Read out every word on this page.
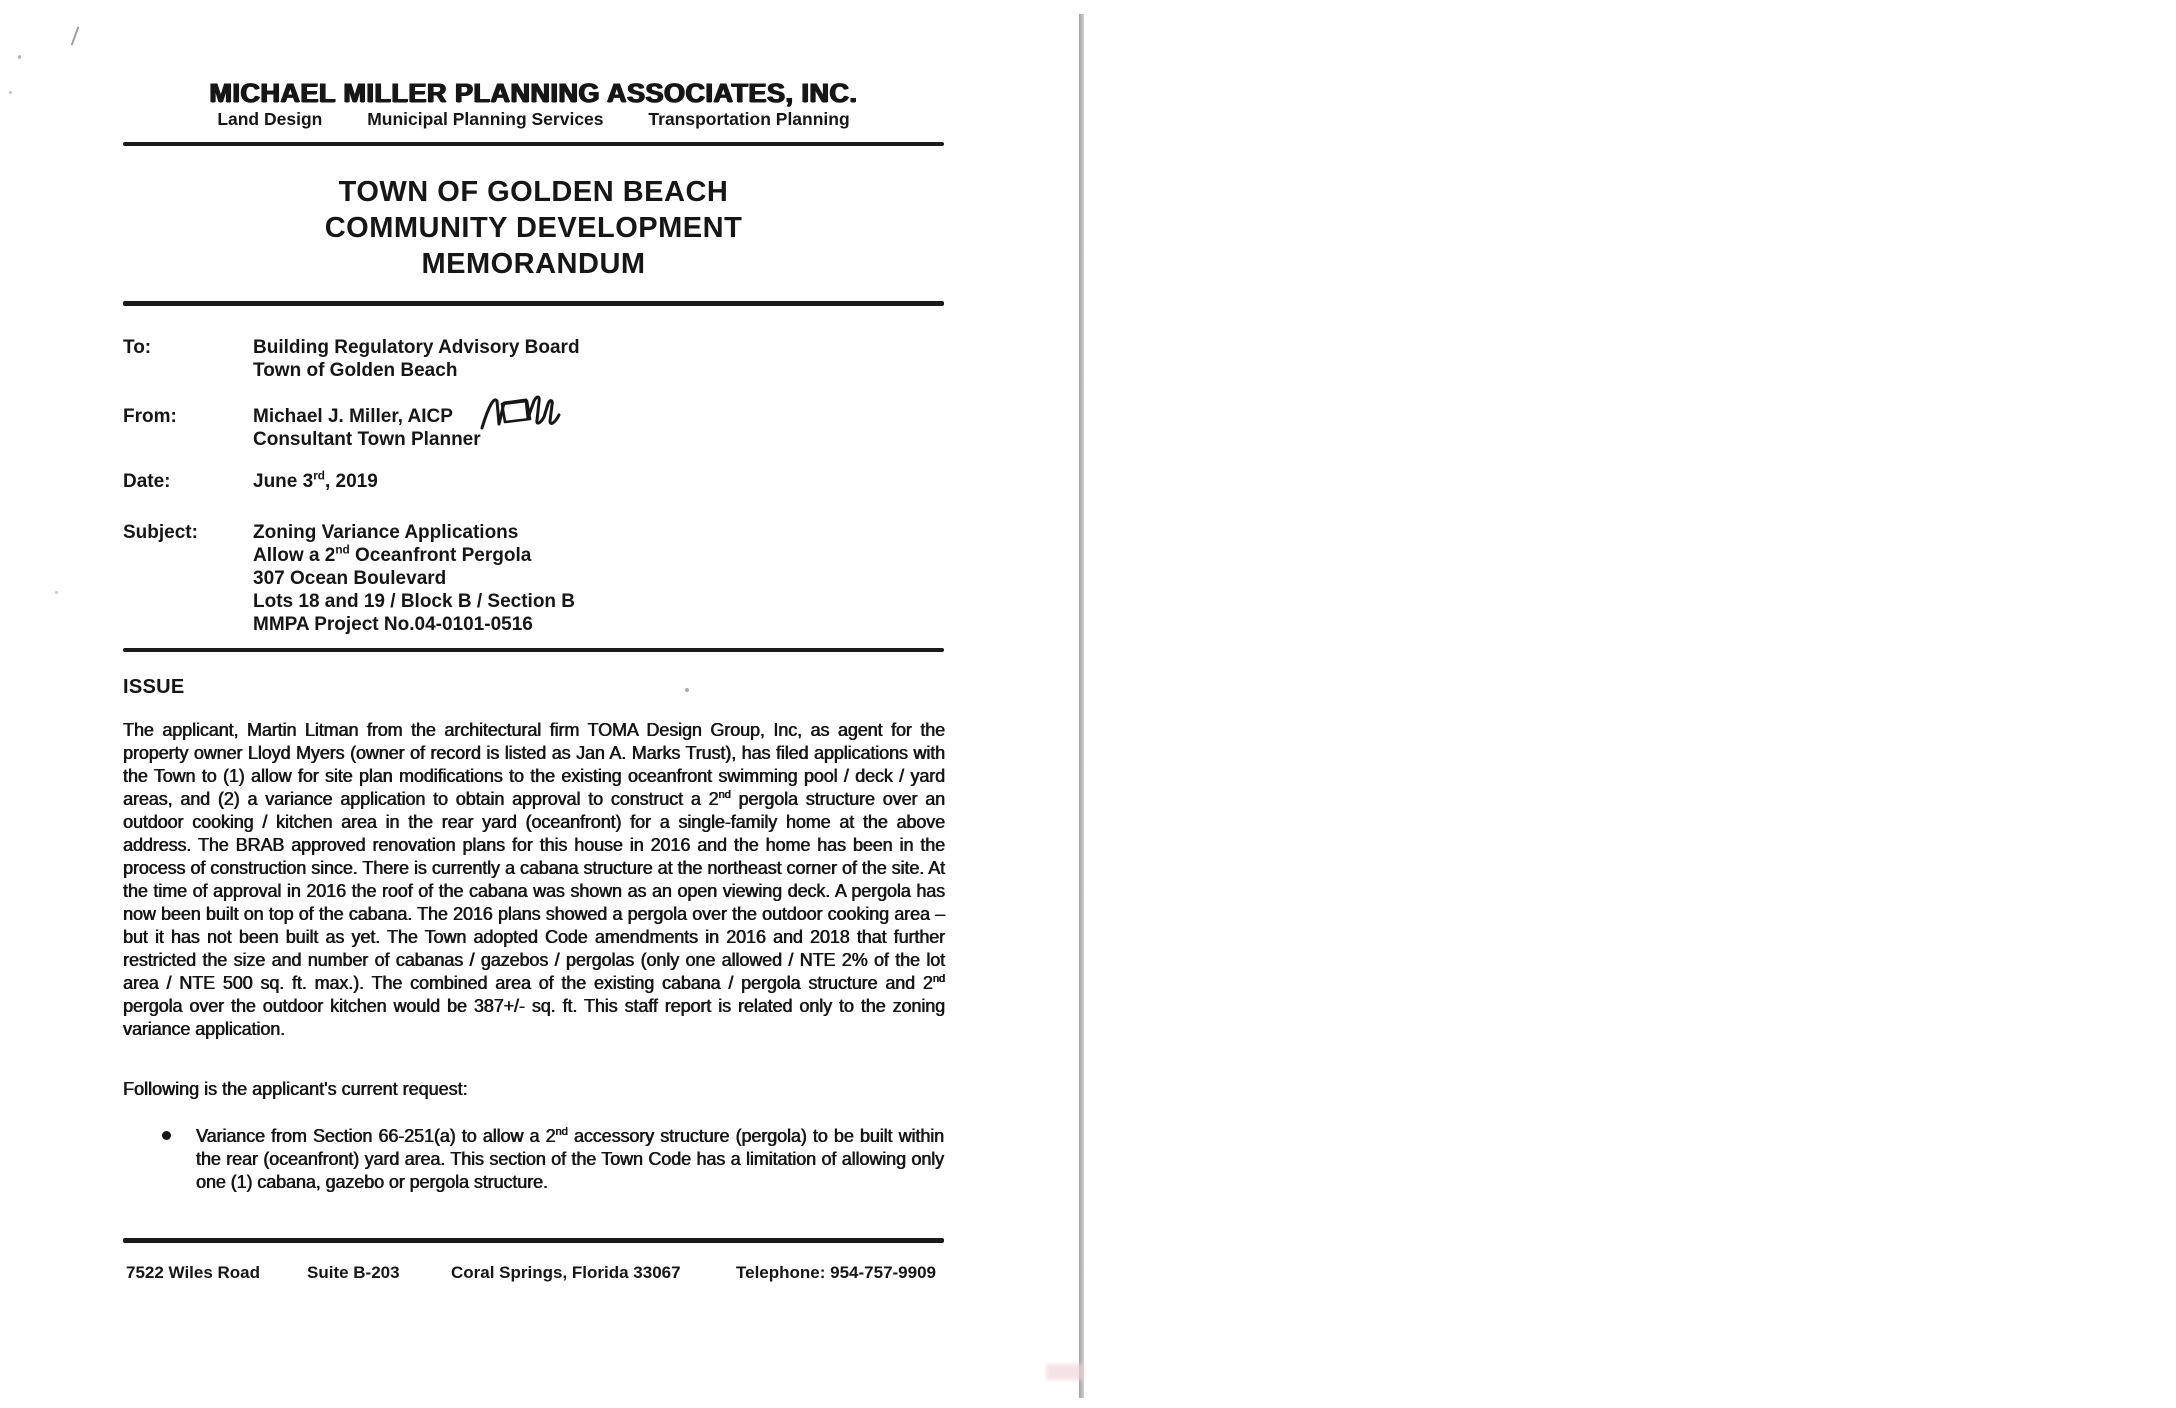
MICHAEL MILLER PLANNING ASSOCIATES, INC.
Land Design	Municipal Planning Services	Transportation Planning
TOWN OF GOLDEN BEACH
COMMUNITY DEVELOPMENT
MEMORANDUM
To:	Building Regulatory Advisory Board
Town of Golden Beach
From:	Michael J. Miller, AICP
Consultant Town Planner
Date:	June 3rd, 2019
Subject:	Zoning Variance Applications
Allow a 2nd Oceanfront Pergola
307 Ocean Boulevard
Lots 18 and 19 / Block B / Section B
MMPA Project No.04-0101-0516
ISSUE
The applicant, Martin Litman from the architectural firm TOMA Design Group, Inc, as agent for the property owner Lloyd Myers (owner of record is listed as Jan A. Marks Trust), has filed applications with the Town to (1) allow for site plan modifications to the existing oceanfront swimming pool / deck / yard areas, and (2) a variance application to obtain approval to construct a 2nd pergola structure over an outdoor cooking / kitchen area in the rear yard (oceanfront) for a single-family home at the above address. The BRAB approved renovation plans for this house in 2016 and the home has been in the process of construction since. There is currently a cabana structure at the northeast corner of the site. At the time of approval in 2016 the roof of the cabana was shown as an open viewing deck. A pergola has now been built on top of the cabana. The 2016 plans showed a pergola over the outdoor cooking area – but it has not been built as yet. The Town adopted Code amendments in 2016 and 2018 that further restricted the size and number of cabanas / gazebos / pergolas (only one allowed / NTE 2% of the lot area / NTE 500 sq. ft. max.). The combined area of the existing cabana / pergola structure and 2nd pergola over the outdoor kitchen would be 387+/- sq. ft. This staff report is related only to the zoning variance application.
Following is the applicant's current request:
Variance from Section 66-251(a) to allow a 2nd accessory structure (pergola) to be built within the rear (oceanfront) yard area. This section of the Town Code has a limitation of allowing only one (1) cabana, gazebo or pergola structure.
7522 Wiles Road	Suite B-203	Coral Springs, Florida 33067	Telephone: 954-757-9909
